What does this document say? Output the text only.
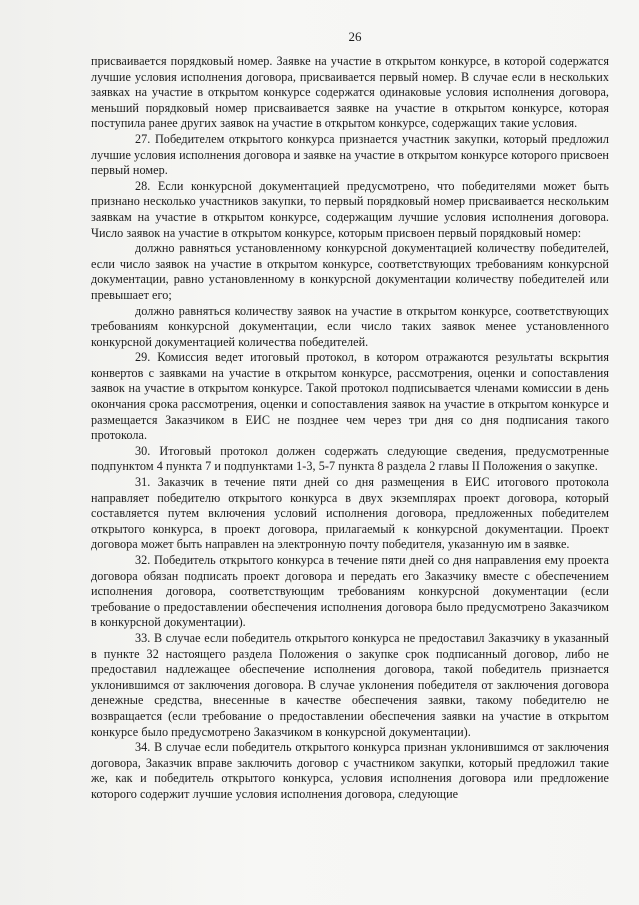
26

присваивается порядковый номер. Заявке на участие в открытом конкурсе, в которой содержатся лучшие условия исполнения договора, присваивается первый номер. В случае если в нескольких заявках на участие в открытом конкурсе содержатся одинаковые условия исполнения договора, меньший порядковый номер присваивается заявке на участие в открытом конкурсе, которая поступила ранее других заявок на участие в открытом конкурсе, содержащих такие условия.

27. Победителем открытого конкурса признается участник закупки, который предложил лучшие условия исполнения договора и заявке на участие в открытом конкурсе которого присвоен первый номер.

28. Если конкурсной документацией предусмотрено, что победителями может быть признано несколько участников закупки, то первый порядковый номер присваивается нескольким заявкам на участие в открытом конкурсе, содержащим лучшие условия исполнения договора. Число заявок на участие в открытом конкурсе, которым присвоен первый порядковый номер:

должно равняться установленному конкурсной документацией количеству победителей, если число заявок на участие в открытом конкурсе, соответствующих требованиям конкурсной документации, равно установленному в конкурсной документации количеству победителей или превышает его;

должно равняться количеству заявок на участие в открытом конкурсе, соответствующих требованиям конкурсной документации, если число таких заявок менее установленного конкурсной документацией количества победителей.

29. Комиссия ведет итоговый протокол, в котором отражаются результаты вскрытия конвертов с заявками на участие в открытом конкурсе, рассмотрения, оценки и сопоставления заявок на участие в открытом конкурсе. Такой протокол подписывается членами комиссии в день окончания срока рассмотрения, оценки и сопоставления заявок на участие в открытом конкурсе и размещается Заказчиком в ЕИС не позднее чем через три дня со дня подписания такого протокола.

30. Итоговый протокол должен содержать следующие сведения, предусмотренные подпунктом 4 пункта 7 и подпунктами 1-3, 5-7 пункта 8 раздела 2 главы II Положения о закупке.

31. Заказчик в течение пяти дней со дня размещения в ЕИС итогового протокола направляет победителю открытого конкурса в двух экземплярах проект договора, который составляется путем включения условий исполнения договора, предложенных победителем открытого конкурса, в проект договора, прилагаемый к конкурсной документации. Проект договора может быть направлен на электронную почту победителя, указанную им в заявке.

32. Победитель открытого конкурса в течение пяти дней со дня направления ему проекта договора обязан подписать проект договора и передать его Заказчику вместе с обеспечением исполнения договора, соответствующим требованиям конкурсной документации (если требование о предоставлении обеспечения исполнения договора было предусмотрено Заказчиком в конкурсной документации).

33. В случае если победитель открытого конкурса не предоставил Заказчику в указанный в пункте 32 настоящего раздела Положения о закупке срок подписанный договор, либо не предоставил надлежащее обеспечение исполнения договора, такой победитель признается уклонившимся от заключения договора. В случае уклонения победителя от заключения договора денежные средства, внесенные в качестве обеспечения заявки, такому победителю не возвращается (если требование о предоставлении обеспечения заявки на участие в открытом конкурсе было предусмотрено Заказчиком в конкурсной документации).

34. В случае если победитель открытого конкурса признан уклонившимся от заключения договора, Заказчик вправе заключить договор с участником закупки, который предложил такие же, как и победитель открытого конкурса, условия исполнения договора или предложение которого содержит лучшие условия исполнения договора, следующие
